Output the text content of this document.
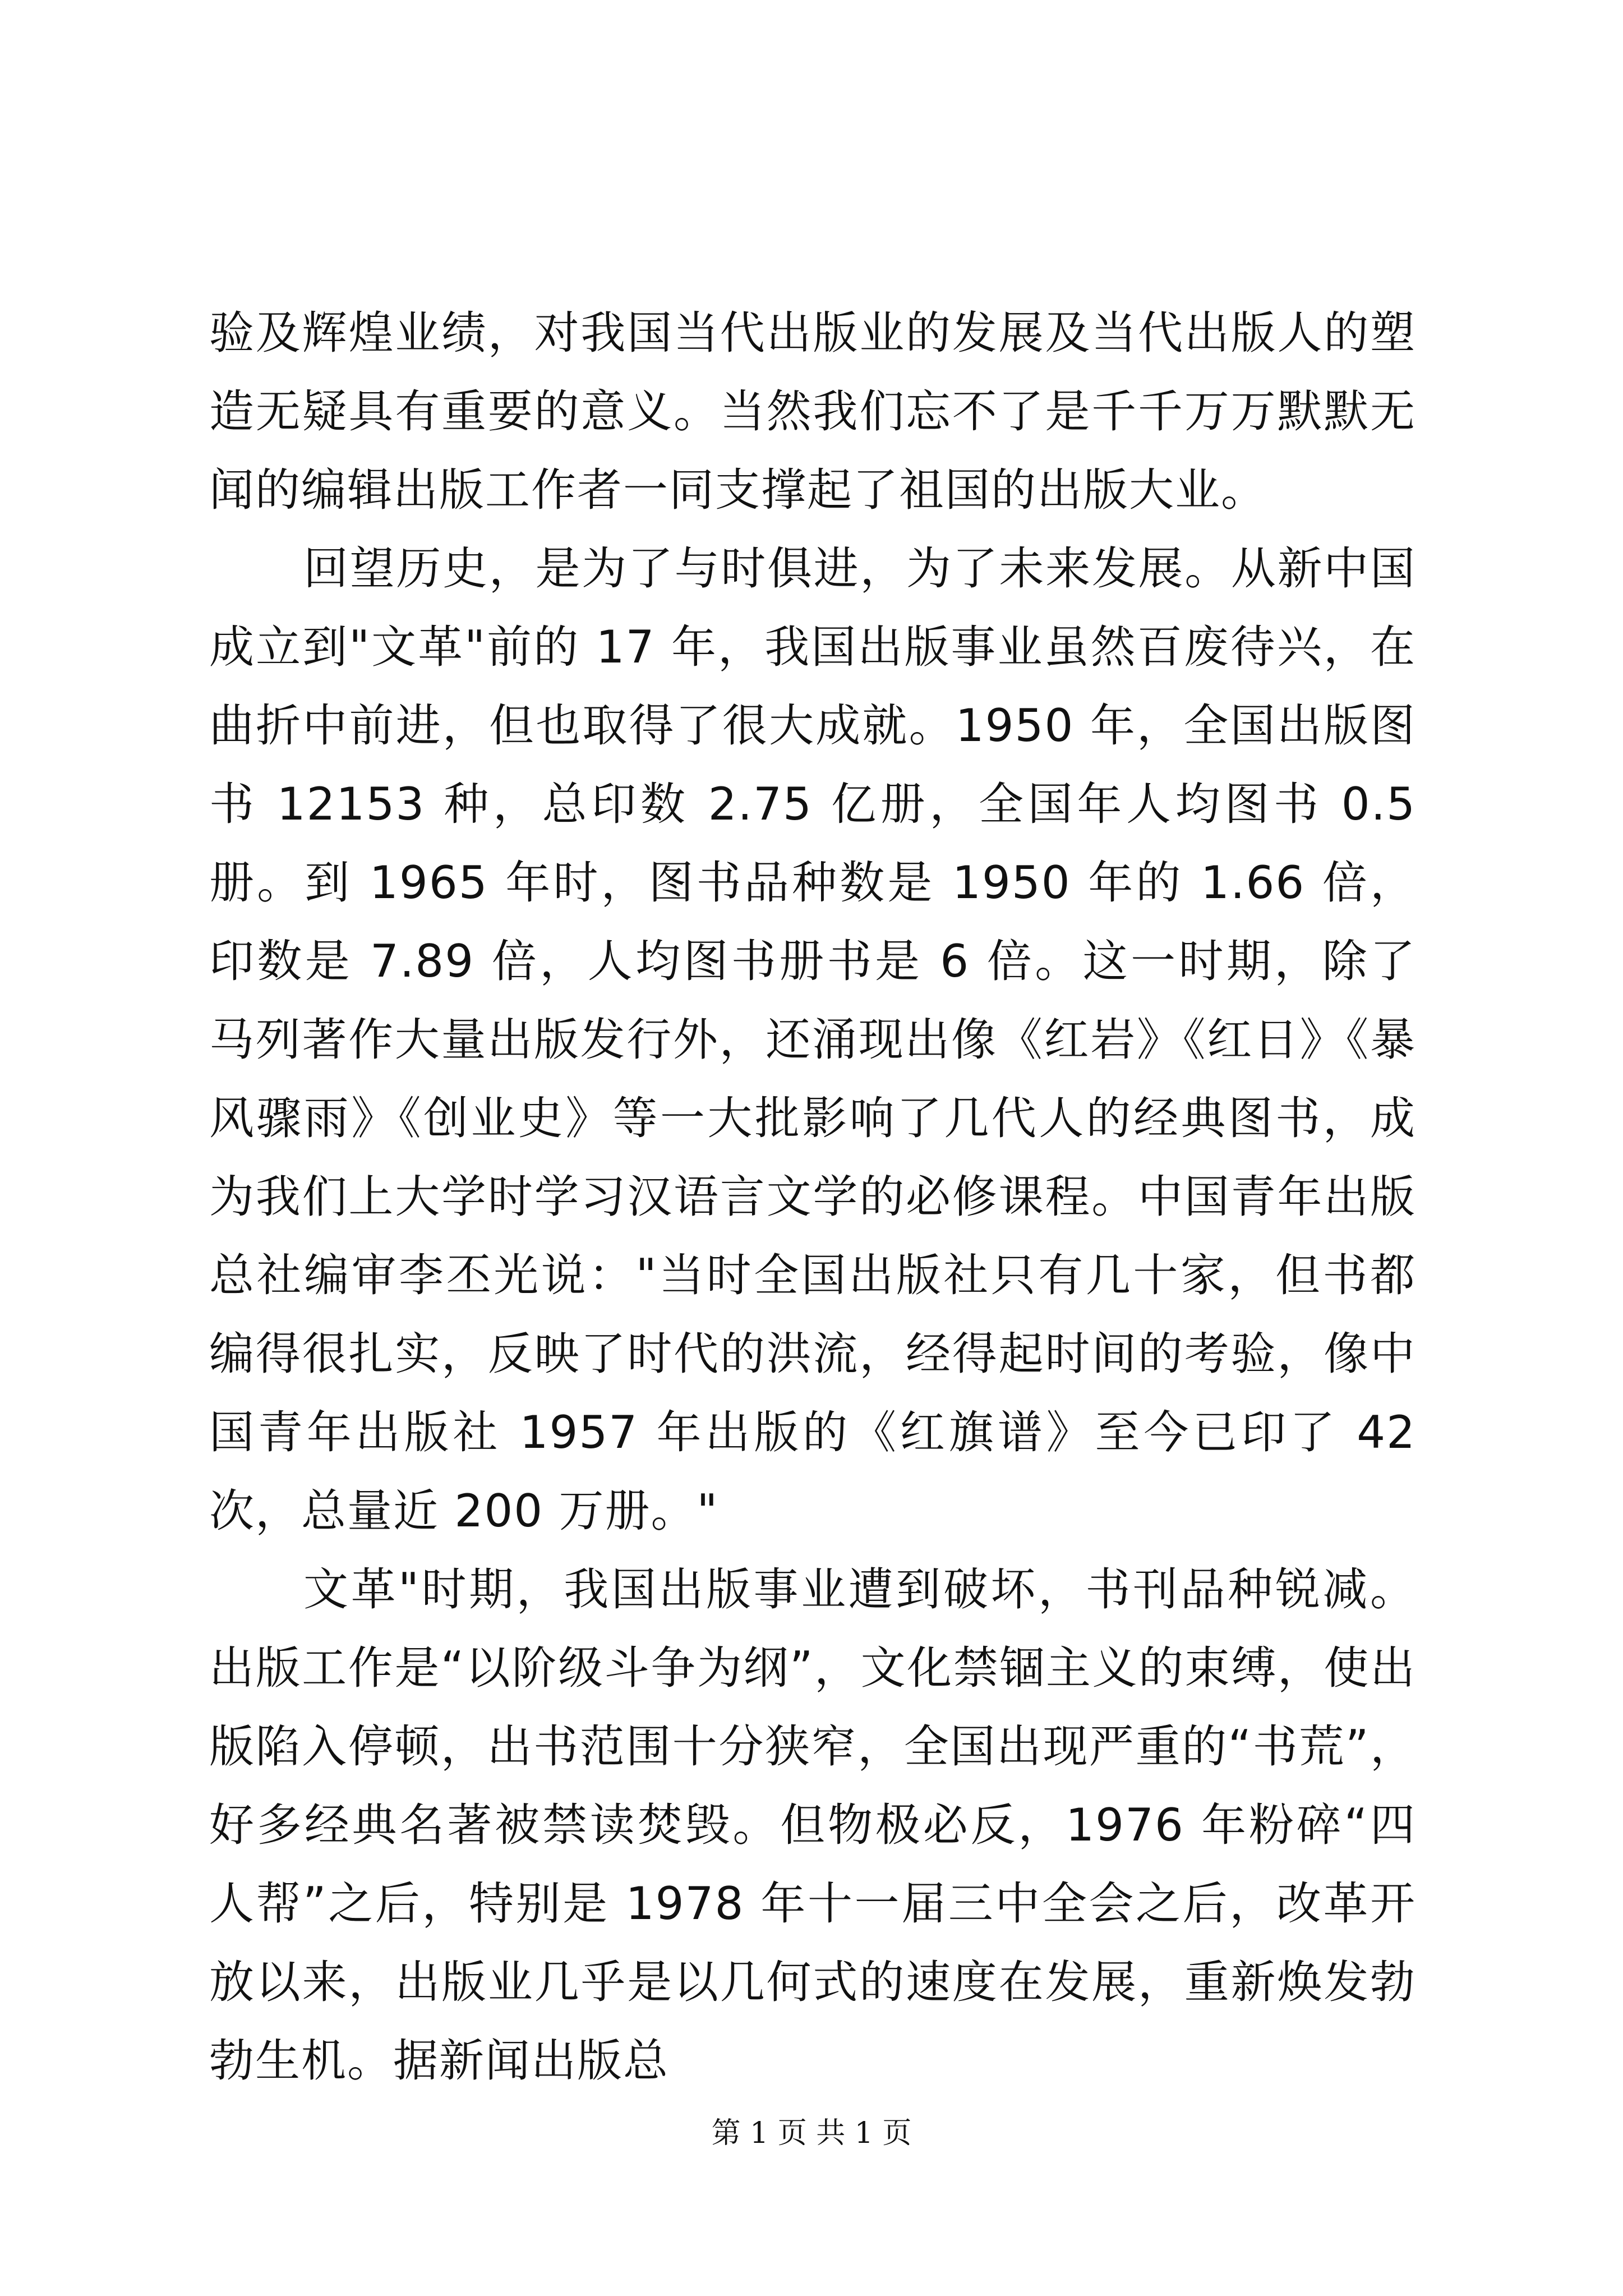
验及辉煌业绩，对我国当代出版业的发展及当代出版人的塑造无疑具有重要的意义。当然我们忘不了是千千万万默默无闻的编辑出版工作者一同支撑起了祖国的出版大业。

回望历史，是为了与时俱进，为了未来发展。从新中国成立到"文革"前的 17 年，我国出版事业虽然百废待兴，在曲折中前进，但也取得了很大成就。1950 年，全国出版图书 12153 种，总印数 2.75 亿册，全国年人均图书 0.5 册。到 1965 年时，图书品种数是 1950 年的 1.66 倍，印数是 7.89 倍，人均图书册书是 6 倍。这一时期，除了马列著作大量出版发行外，还涌现出像《红岩》《红日》《暴风骤雨》《创业史》等一大批影响了几代人的经典图书，成为我们上大学时学习汉语言文学的必修课程。中国青年出版总社编审李丕光说："当时全国出版社只有几十家，但书都编得很扎实，反映了时代的洪流，经得起时间的考验，像中国青年出版社 1957 年出版的《红旗谱》至今已印了 42 次，总量近 200 万册。"

文革"时期，我国出版事业遭到破坏，书刊品种锐减。出版工作是“以阶级斗争为纲”，文化禁锢主义的束缚，使出版陷入停顿，出书范围十分狭窄，全国出现严重的“书荒”，好多经典名著被禁读焚毁。但物极必反，1976 年粉碎“四人帮”之后，特别是 1978 年十一届三中全会之后，改革开放以来，出版业几乎是以几何式的速度在发展，重新焕发勃勃生机。据新闻出版总

第 1 页 共 1 页
